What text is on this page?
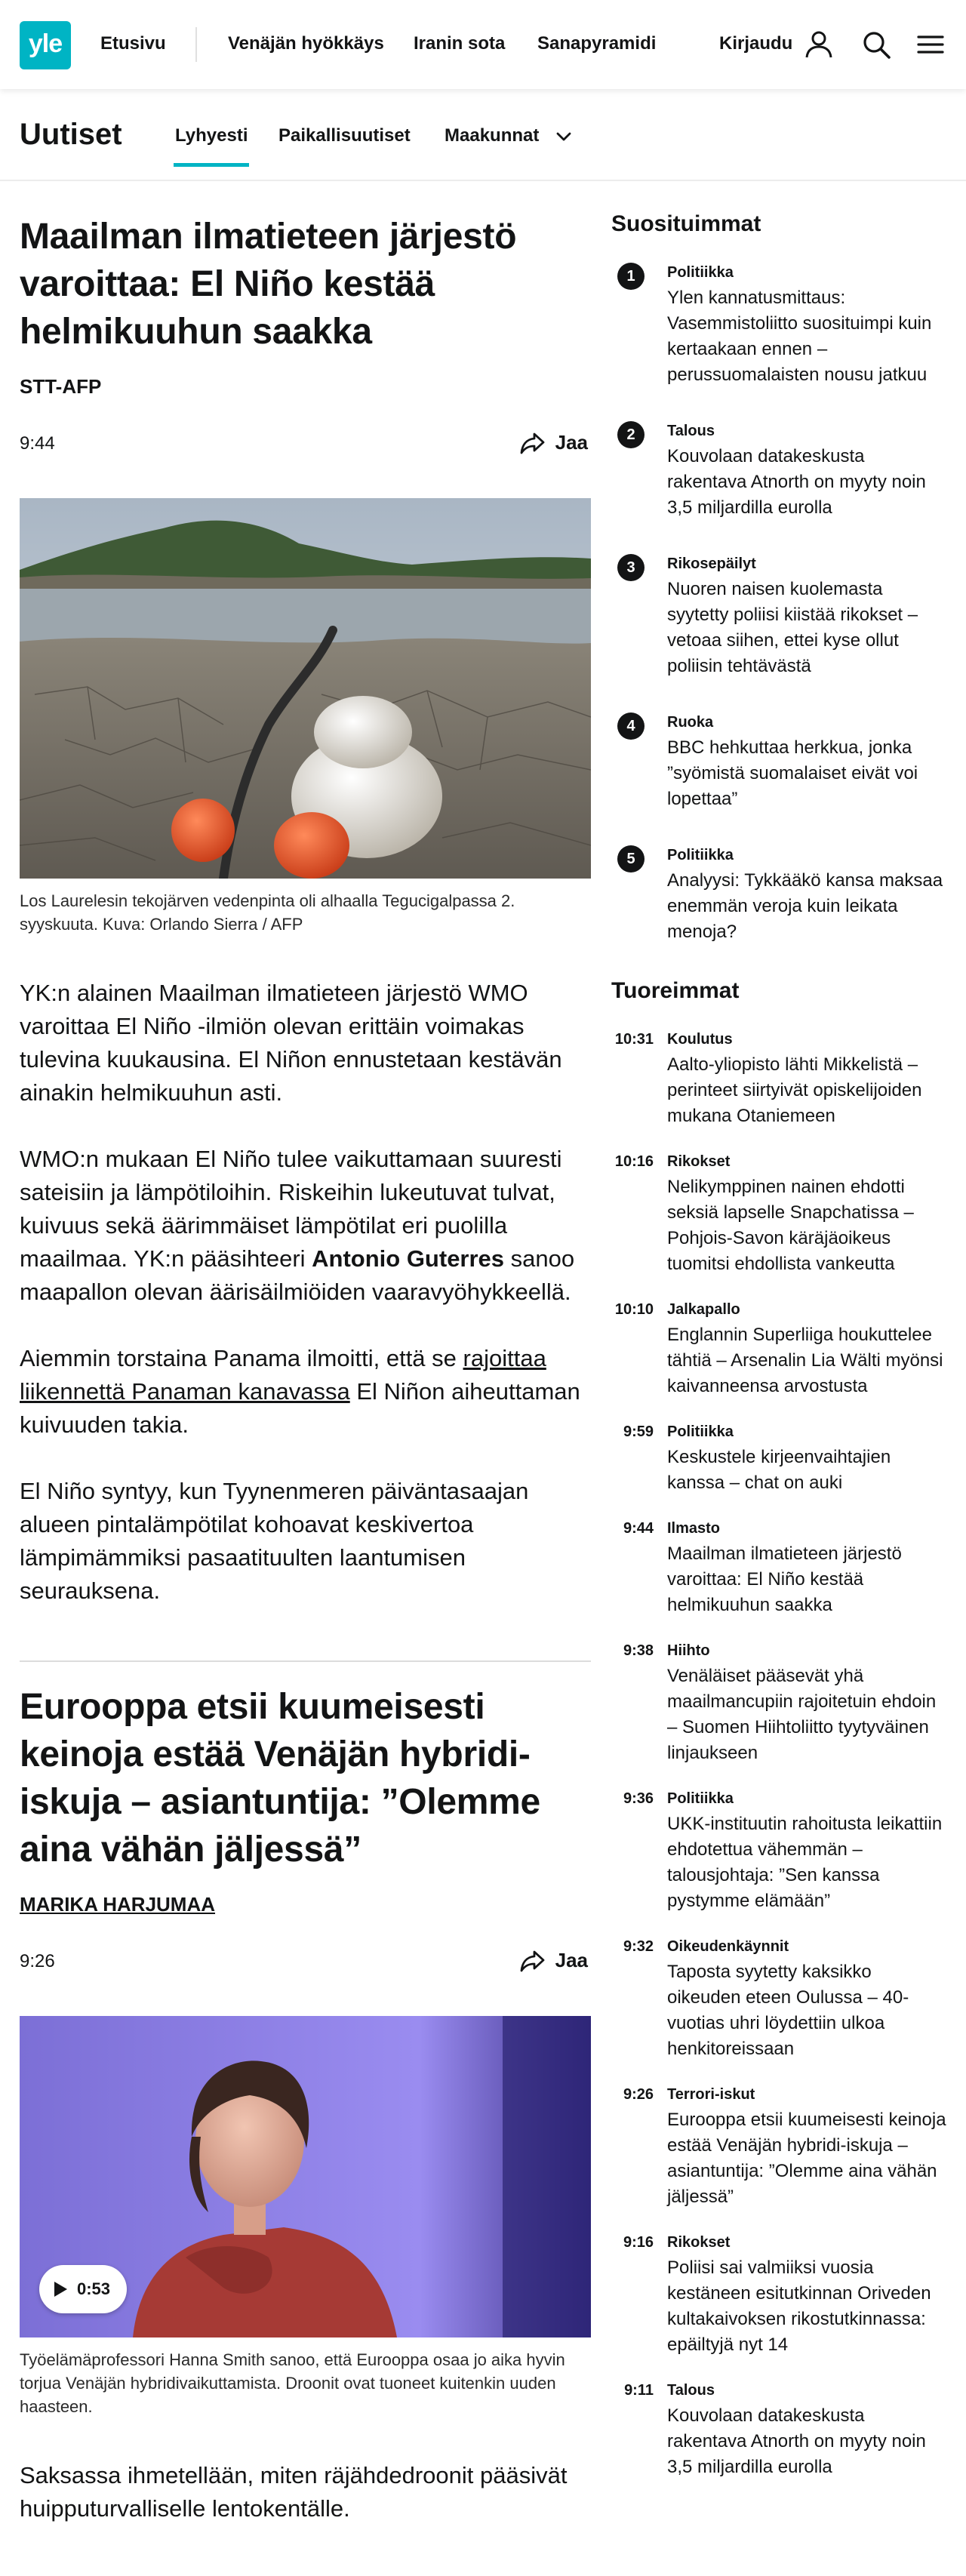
yle	Etusivu	Venäjän hyökkäys Iranin sota Sanapyramidi	Kirjaudu
Uutiset	Lyhyesti Paikallisuutiset Maakunnat
Maailman ilmatieteen järjestö varoittaa: El Niño kestää helmikuuhun saakka
STT-AFP
9:44	Jaa

Los Laurelesin tekojärven vedenpinta oli alhaalla Tegucigalpassa 2. syyskuuta. Kuva: Orlando Sierra / AFP

YK:n alainen Maailman ilmatieteen järjestö WMO varoittaa El Niño -ilmiön olevan erittäin voimakas tulevina kuukausina. El Niñon ennustetaan kestävän ainakin helmikuuhun asti.

WMO:n mukaan El Niño tulee vaikuttamaan suuresti sateisiin ja lämpötiloihin. Riskeihin lukeutuvat tulvat, kuivuus sekä äärimmäiset lämpötilat eri puolilla maailmaa. YK:n pääsihteeri Antonio Guterres sanoo maapallon olevan äärisäilmiöiden vaaravyöhykkeellä.

Aiemmin torstaina Panama ilmoitti, että se rajoittaa liikennettä Panaman kanavassa El Niñon aiheuttaman kuivuuden takia.

El Niño syntyy, kun Tyynenmeren päiväntasaajan alueen pintalämpötilat kohoavat keskivertoa lämpimämmiksi pasaatituulten laantumisen seurauksena.

Eurooppa etsii kuumeisesti keinoja estää Venäjän hybridi-iskuja – asiantuntija: ”Olemme aina vähän jäljessä”
MARIKA HARJUMAA
9:26	Jaa
0:53

Työelämäprofessori Hanna Smith sanoo, että Eurooppa osaa jo aika hyvin torjua Venäjän hybridivaikuttamista. Droonit ovat tuoneet kuitenkin uuden haasteen.

Saksassa ihmetellään, miten räjähdedroonit pääsivät huipputurvalliselle lentokentälle.

Suosituimmat
1	Politiikka
Ylen kannatusmittaus: Vasemmistoliitto suosituimpi kuin kertaakaan ennen – perussuomalaisten nousu jatkuu
2	Talous
Kouvolaan datakeskusta rakentava Atnorth on myyty noin 3,5 miljardilla eurolla
3	Rikosepäilyt
Nuoren naisen kuolemasta syytetty poliisi kiistää rikokset – vetoaa siihen, ettei kyse ollut poliisin tehtävästä
4	Ruoka
BBC hehkuttaa herkkua, jonka ”syömistä suomalaiset eivät voi lopettaa”
5	Politiikka
Analyysi: Tykkääkö kansa maksaa enemmän veroja kuin leikata menoja?
Tuoreimmat
10:31 Koulutus
Aalto-yliopisto lähti Mikkelistä – perinteet siirtyivät opiskelijoiden mukana Otaniemeen
10:16 Rikokset
Nelikymppinen nainen ehdotti seksiä lapselle Snapchatissa – Pohjois-Savon käräjäoikeus tuomitsi ehdollista vankeutta
10:10 Jalkapallo
Englannin Superliiga houkuttelee tähtiä – Arsenalin Lia Wälti myönsi kaivanneensa arvostusta
9:59 Politiikka
Keskustele kirjeenvaihtajien kanssa – chat on auki
9:44 Ilmasto
Maailman ilmatieteen järjestö varoittaa: El Niño kestää helmikuuhun saakka
9:38 Hiihto
Venäläiset pääsevät yhä maailmancupiin rajoitetuin ehdoin – Suomen Hiihtoliitto tyytyväinen linjaukseen
9:36 Politiikka
UKK-instituutin rahoitusta leikattiin ehdotettua vähemmän – talousjohtaja: ”Sen kanssa pystymme elämään”
9:32 Oikeudenkäynnit
Taposta syytetty kaksikko oikeuden eteen Oulussa – 40-vuotias uhri löydettiin ulkoa henkitoreissaan
9:26 Terrori-iskut
Eurooppa etsii kuumeisesti keinoja estää Venäjän hybridi-iskuja – asiantuntija: ”Olemme aina vähän jäljessä”
9:16 Rikokset
Poliisi sai valmiiksi vuosia kestäneen esitutkinnan Oriveden kultakaivoksen rikostutkinnassa: epäiltyjä nyt 14
9:11 Talous
Kouvolaan datakeskusta rakentava Atnorth on myyty noin 3,5 miljardilla eurolla
